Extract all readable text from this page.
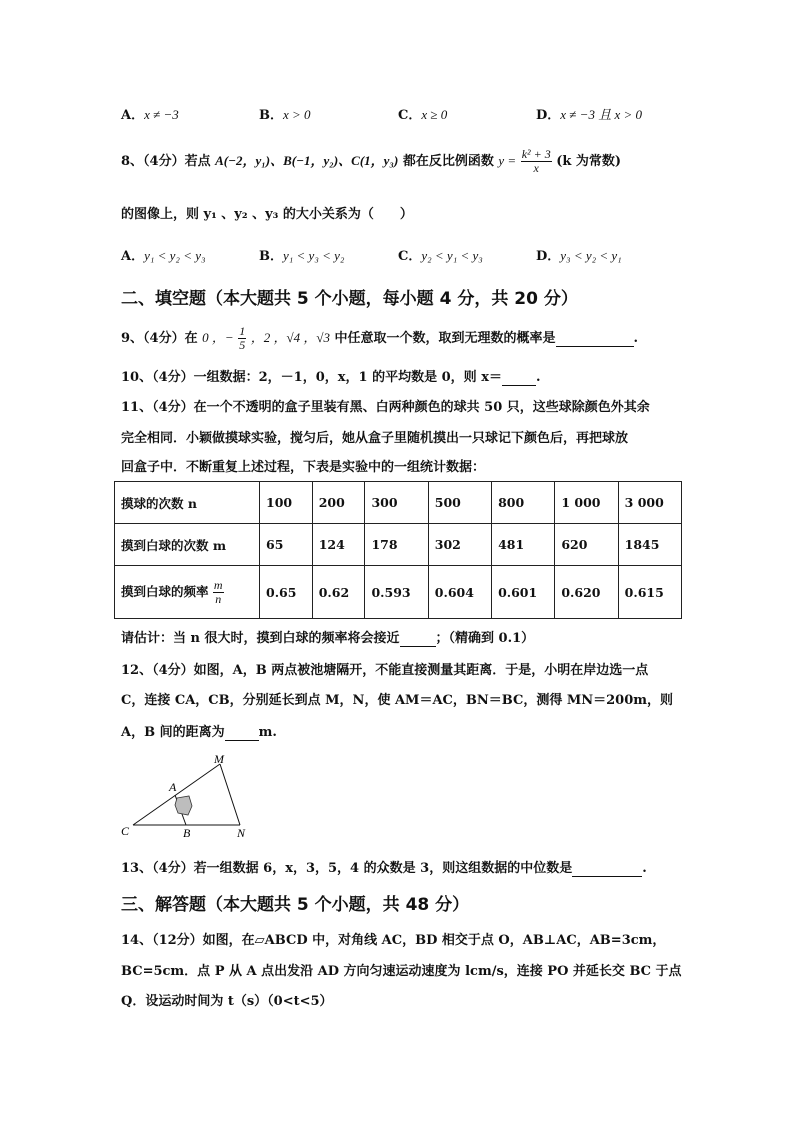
A．x ≠ −3	B．x > 0	C．x ≥ 0	D．x ≠ −3 且 x > 0
8、（4分）若点 A(−2，y₁)、B(−1，y₂)、C(1，y₃) 都在反比例函数 $y = \frac{\text{k² + 3}}{x} (k$ 为常数)
的图像上，则 y₁ 、y₂ 、y₃ 的大小关系为（　　）
A．y₁ < y₂ < y₃	B．y₁ < y₃ < y₂	C．y₂ < y₁ < y₃	D．y₃ < y₂ < y₁
二、填空题（本大题共 5 个小题，每小题 4 分，共 20 分）
9、（4分）在 0 ，− $\frac{1}{5}$ ，2 ，√4 ，√3 中任意取一个数，取到无理数的概率是	.
10、（4分）一组数据：2，－1，0，x，1 的平均数是 0，则 x＝	.
11、（4分）在一个不透明的盒子里装有黑、白两种颜色的球共 50 只，这些球除颜色外其余
完全相同．小颖做摸球实验，搅匀后，她从盒子里随机摸出一只球记下颜色后，再把球放
回盒子中．不断重复上述过程，下表是实验中的一组统计数据：
摸球的次数 n	100	200	300	500	800	1 000	3 000
摸到白球的次数 m	65	124	178	302	481	620	1845
摸到白球的频率 $\frac{m}{n}$	0.65	0.62	0.593	0.604	0.601	0.620	0.615
请估计：当 n 很大时，摸到白球的频率将会接近	；（精确到 0.1）
12、（4分）如图，A，B 两点被池塘隔开，不能直接测量其距离．于是，小明在岸边选一点
C，连接 CA，CB，分别延长到点 M，N，使 AM＝AC，BN＝BC，测得 MN＝200m，则
A，B 间的距离为	m.
A
M
C	B	N
13、（4分）若一组数据 6，x，3，5，4 的众数是 3，则这组数据的中位数是	.
三、解答题（本大题共 5 个小题，共 48 分）
14、（12分）如图，在▱ABCD 中，对角线 AC，BD 相交于点 O，AB⊥AC，AB=3cm，
BC=5cm．点 P 从 A 点出发沿 AD 方向匀速运动速度为 lcm/s，连接 PO 并延长交 BC 于点
Q．设运动时间为 t（s）（0<t<5）
